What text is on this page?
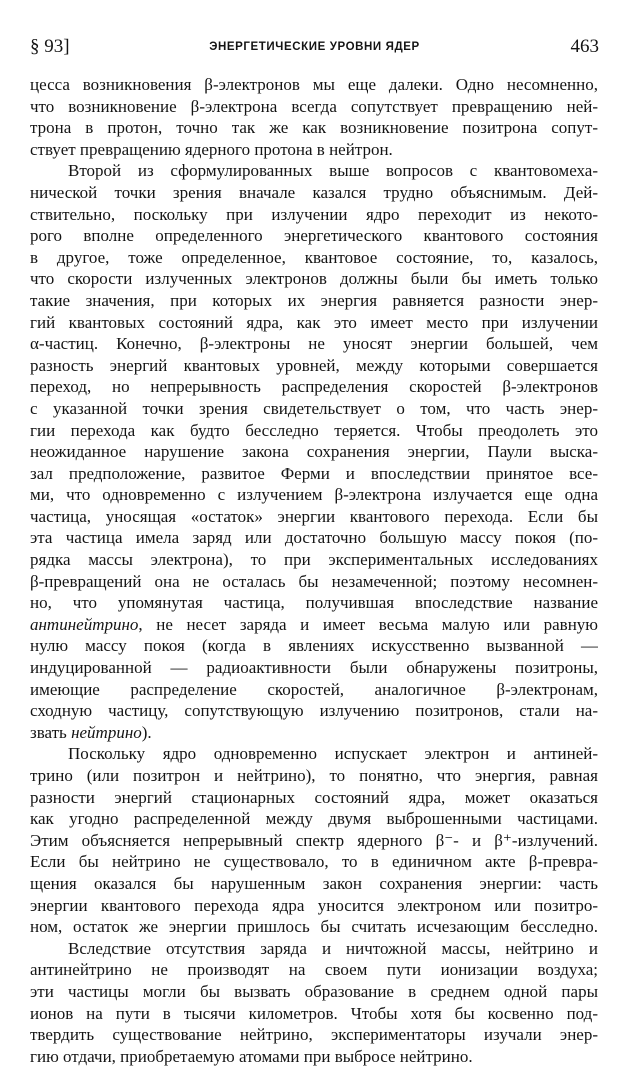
§ 93]	ЭНЕРГЕТИЧЕСКИЕ УРОВНИ ЯДЕР	463
цесса возникновения β-электронов мы еще далеки. Одно несомненно,
что возникновение β-электрона всегда сопутствует превращению ней-
трона в протон, точно так же как возникновение позитрона сопут-
ствует превращению ядерного протона в нейтрон.
Второй из сформулированных выше вопросов с квантовомеха-
нической точки зрения вначале казался трудно объяснимым. Дей-
ствительно, поскольку при излучении ядро переходит из некото-
рого вполне определенного энергетического квантового состояния
в другое, тоже определенное, квантовое состояние, то, казалось,
что скорости излученных электронов должны были бы иметь только
такие значения, при которых их энергия равняется разности энер-
гий квантовых состояний ядра, как это имеет место при излучении
α-частиц. Конечно, β-электроны не уносят энергии большей, чем
разность энергий квантовых уровней, между которыми совершается
переход, но непрерывность распределения скоростей β-электронов
с указанной точки зрения свидетельствует о том, что часть энер-
гии перехода как будто бесследно теряется. Чтобы преодолеть это
неожиданное нарушение закона сохранения энергии, Паули выска-
зал предположение, развитое Ферми и впоследствии принятое все-
ми, что одновременно с излучением β-электрона излучается еще одна
частица, уносящая «остаток» энергии квантового перехода. Если бы
эта частица имела заряд или достаточно большую массу покоя (по-
рядка массы электрона), то при экспериментальных исследованиях
β-превращений она не осталась бы незамеченной; поэтому несомнен-
но, что упомянутая частица, получившая впоследствие название
антинейтрино, не несет заряда и имеет весьма малую или равную
нулю массу покоя (когда в явлениях искусственно вызванной —
индуцированной — радиоактивности были обнаружены позитроны,
имеющие распределение скоростей, аналогичное β-электронам,
сходную частицу, сопутствующую излучению позитронов, стали на-
звать нейтрино).
Поскольку ядро одновременно испускает электрон и антиней-
трино (или позитрон и нейтрино), то понятно, что энергия, равная
разности энергий стационарных состояний ядра, может оказаться
как угодно распределенной между двумя выброшенными частицами.
Этим объясняется непрерывный спектр ядерного β⁻- и β⁺-излучений.
Если бы нейтрино не существовало, то в единичном акте β-превра-
щения оказался бы нарушенным закон сохранения энергии: часть
энергии квантового перехода ядра уносится электроном или позитро-
ном, остаток же энергии пришлось бы считать исчезающим бесследно.
Вследствие отсутствия заряда и ничтожной массы, нейтрино и
антинейтрино не производят на своем пути ионизации воздуха;
эти частицы могли бы вызвать образование в среднем одной пары
ионов на пути в тысячи километров. Чтобы хотя бы косвенно под-
твердить существование нейтрино, экспериментаторы изучали энер-
гию отдачи, приобретаемую атомами при выбросе нейтрино.
